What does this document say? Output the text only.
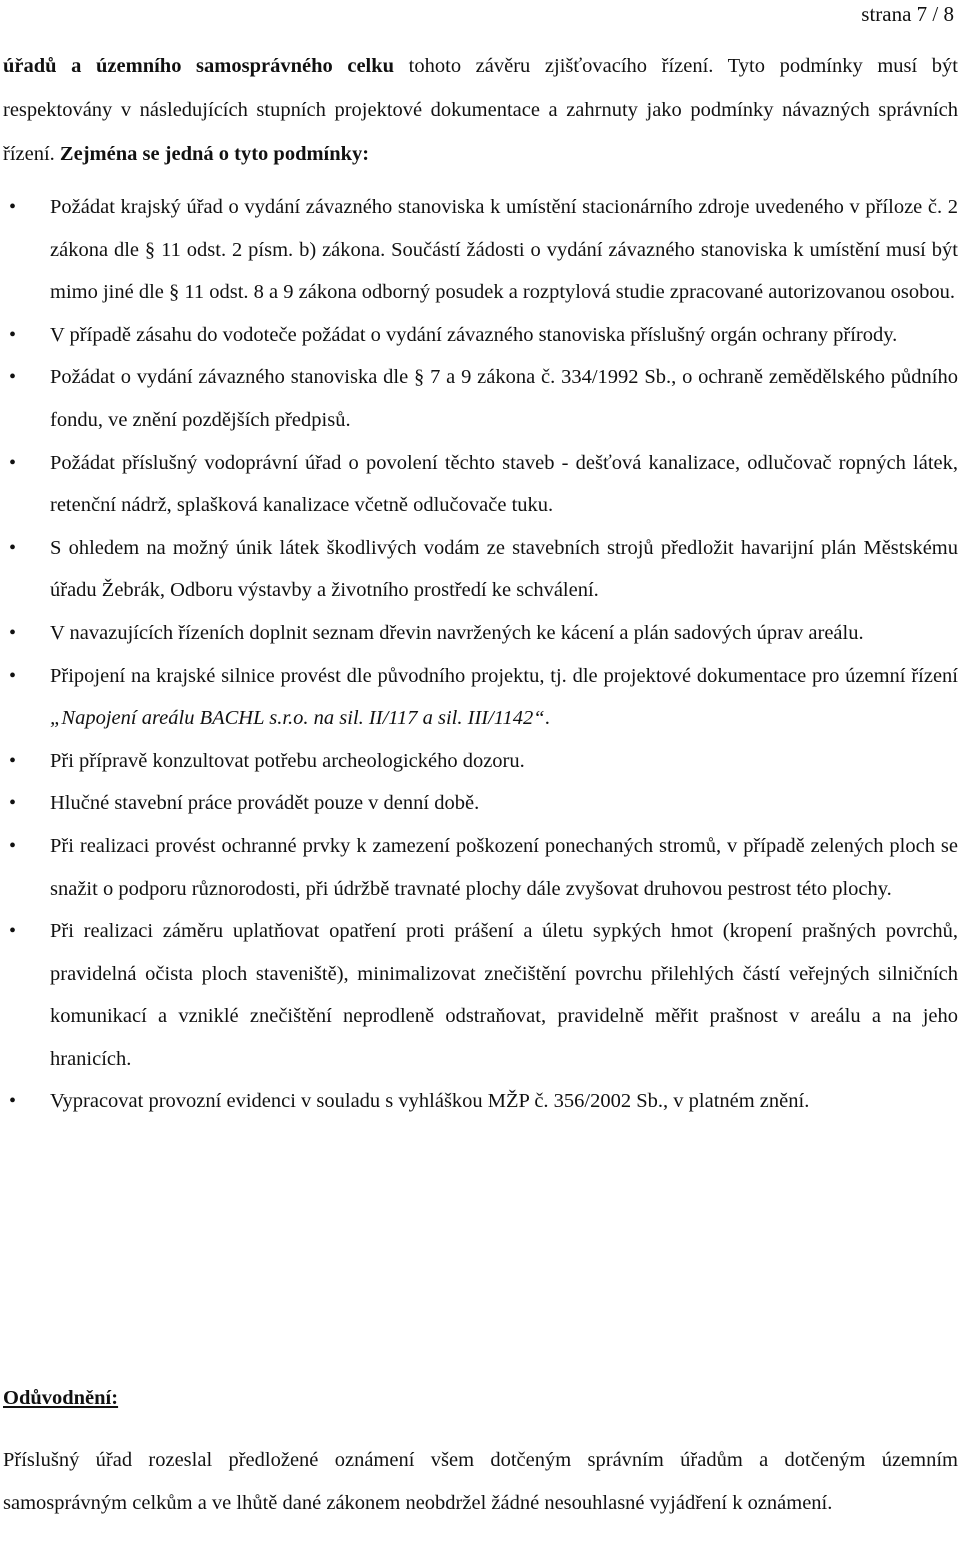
strana 7 / 8

úřadů a územního samosprávného celku tohoto závěru zjišťovacího řízení. Tyto podmínky musí být respektovány v následujících stupních projektové dokumentace a zahrnuty jako podmínky návazných správních řízení. Zejména se jedná o tyto podmínky:

• Požádat krajský úřad o vydání závazného stanoviska k umístění stacionárního zdroje uvedeného v příloze č. 2 zákona dle § 11 odst. 2 písm. b) zákona. Součástí žádosti o vydání závazného stanoviska k umístění musí být mimo jiné dle § 11 odst. 8 a 9 zákona odborný posudek a rozptylová studie zpracované autorizovanou osobou.
• V případě zásahu do vodoteče požádat o vydání závazného stanoviska příslušný orgán ochrany přírody.
• Požádat o vydání závazného stanoviska dle § 7 a 9 zákona č. 334/1992 Sb., o ochraně zemědělského půdního fondu, ve znění pozdějších předpisů.
• Požádat příslušný vodoprávní úřad o povolení těchto staveb - dešťová kanalizace, odlučovač ropných látek, retenční nádrž, splašková kanalizace včetně odlučovače tuku.
• S ohledem na možný únik látek škodlivých vodám ze stavebních strojů předložit havarijní plán Městskému úřadu Žebrák, Odboru výstavby a životního prostředí ke schválení.
• V navazujících řízeních doplnit seznam dřevin navržených ke kácení a plán sadových úprav areálu.
• Připojení na krajské silnice provést dle původního projektu, tj. dle projektové dokumentace pro územní řízení „Napojení areálu BACHL s.r.o. na sil. II/117 a sil. III/1142“.
• Při přípravě konzultovat potřebu archeologického dozoru.
• Hlučné stavební práce provádět pouze v denní době.
• Při realizaci provést ochranné prvky k zamezení poškození ponechaných stromů, v případě zelených ploch se snažit o podporu různorodosti, při údržbě travnaté plochy dále zvyšovat druhovou pestrost této plochy.
• Při realizaci záměru uplatňovat opatření proti prášení a úletu sypkých hmot (kropení prašných povrchů, pravidelná očista ploch staveniště), minimalizovat znečištění povrchu přilehlých částí veřejných silničních komunikací a vzniklé znečištění neprodleně odstraňovat, pravidelně měřit prašnost v areálu a na jeho hranicích.
• Vypracovat provozní evidenci v souladu s vyhláškou MŽP č. 356/2002 Sb., v platném znění.

Odůvodnění:

Příslušný úřad rozeslal předložené oznámení všem dotčeným správním úřadům a dotčeným územním samosprávným celkům a ve lhůtě dané zákonem neobdržel žádné nesouhlasné vyjádření k oznámení.
